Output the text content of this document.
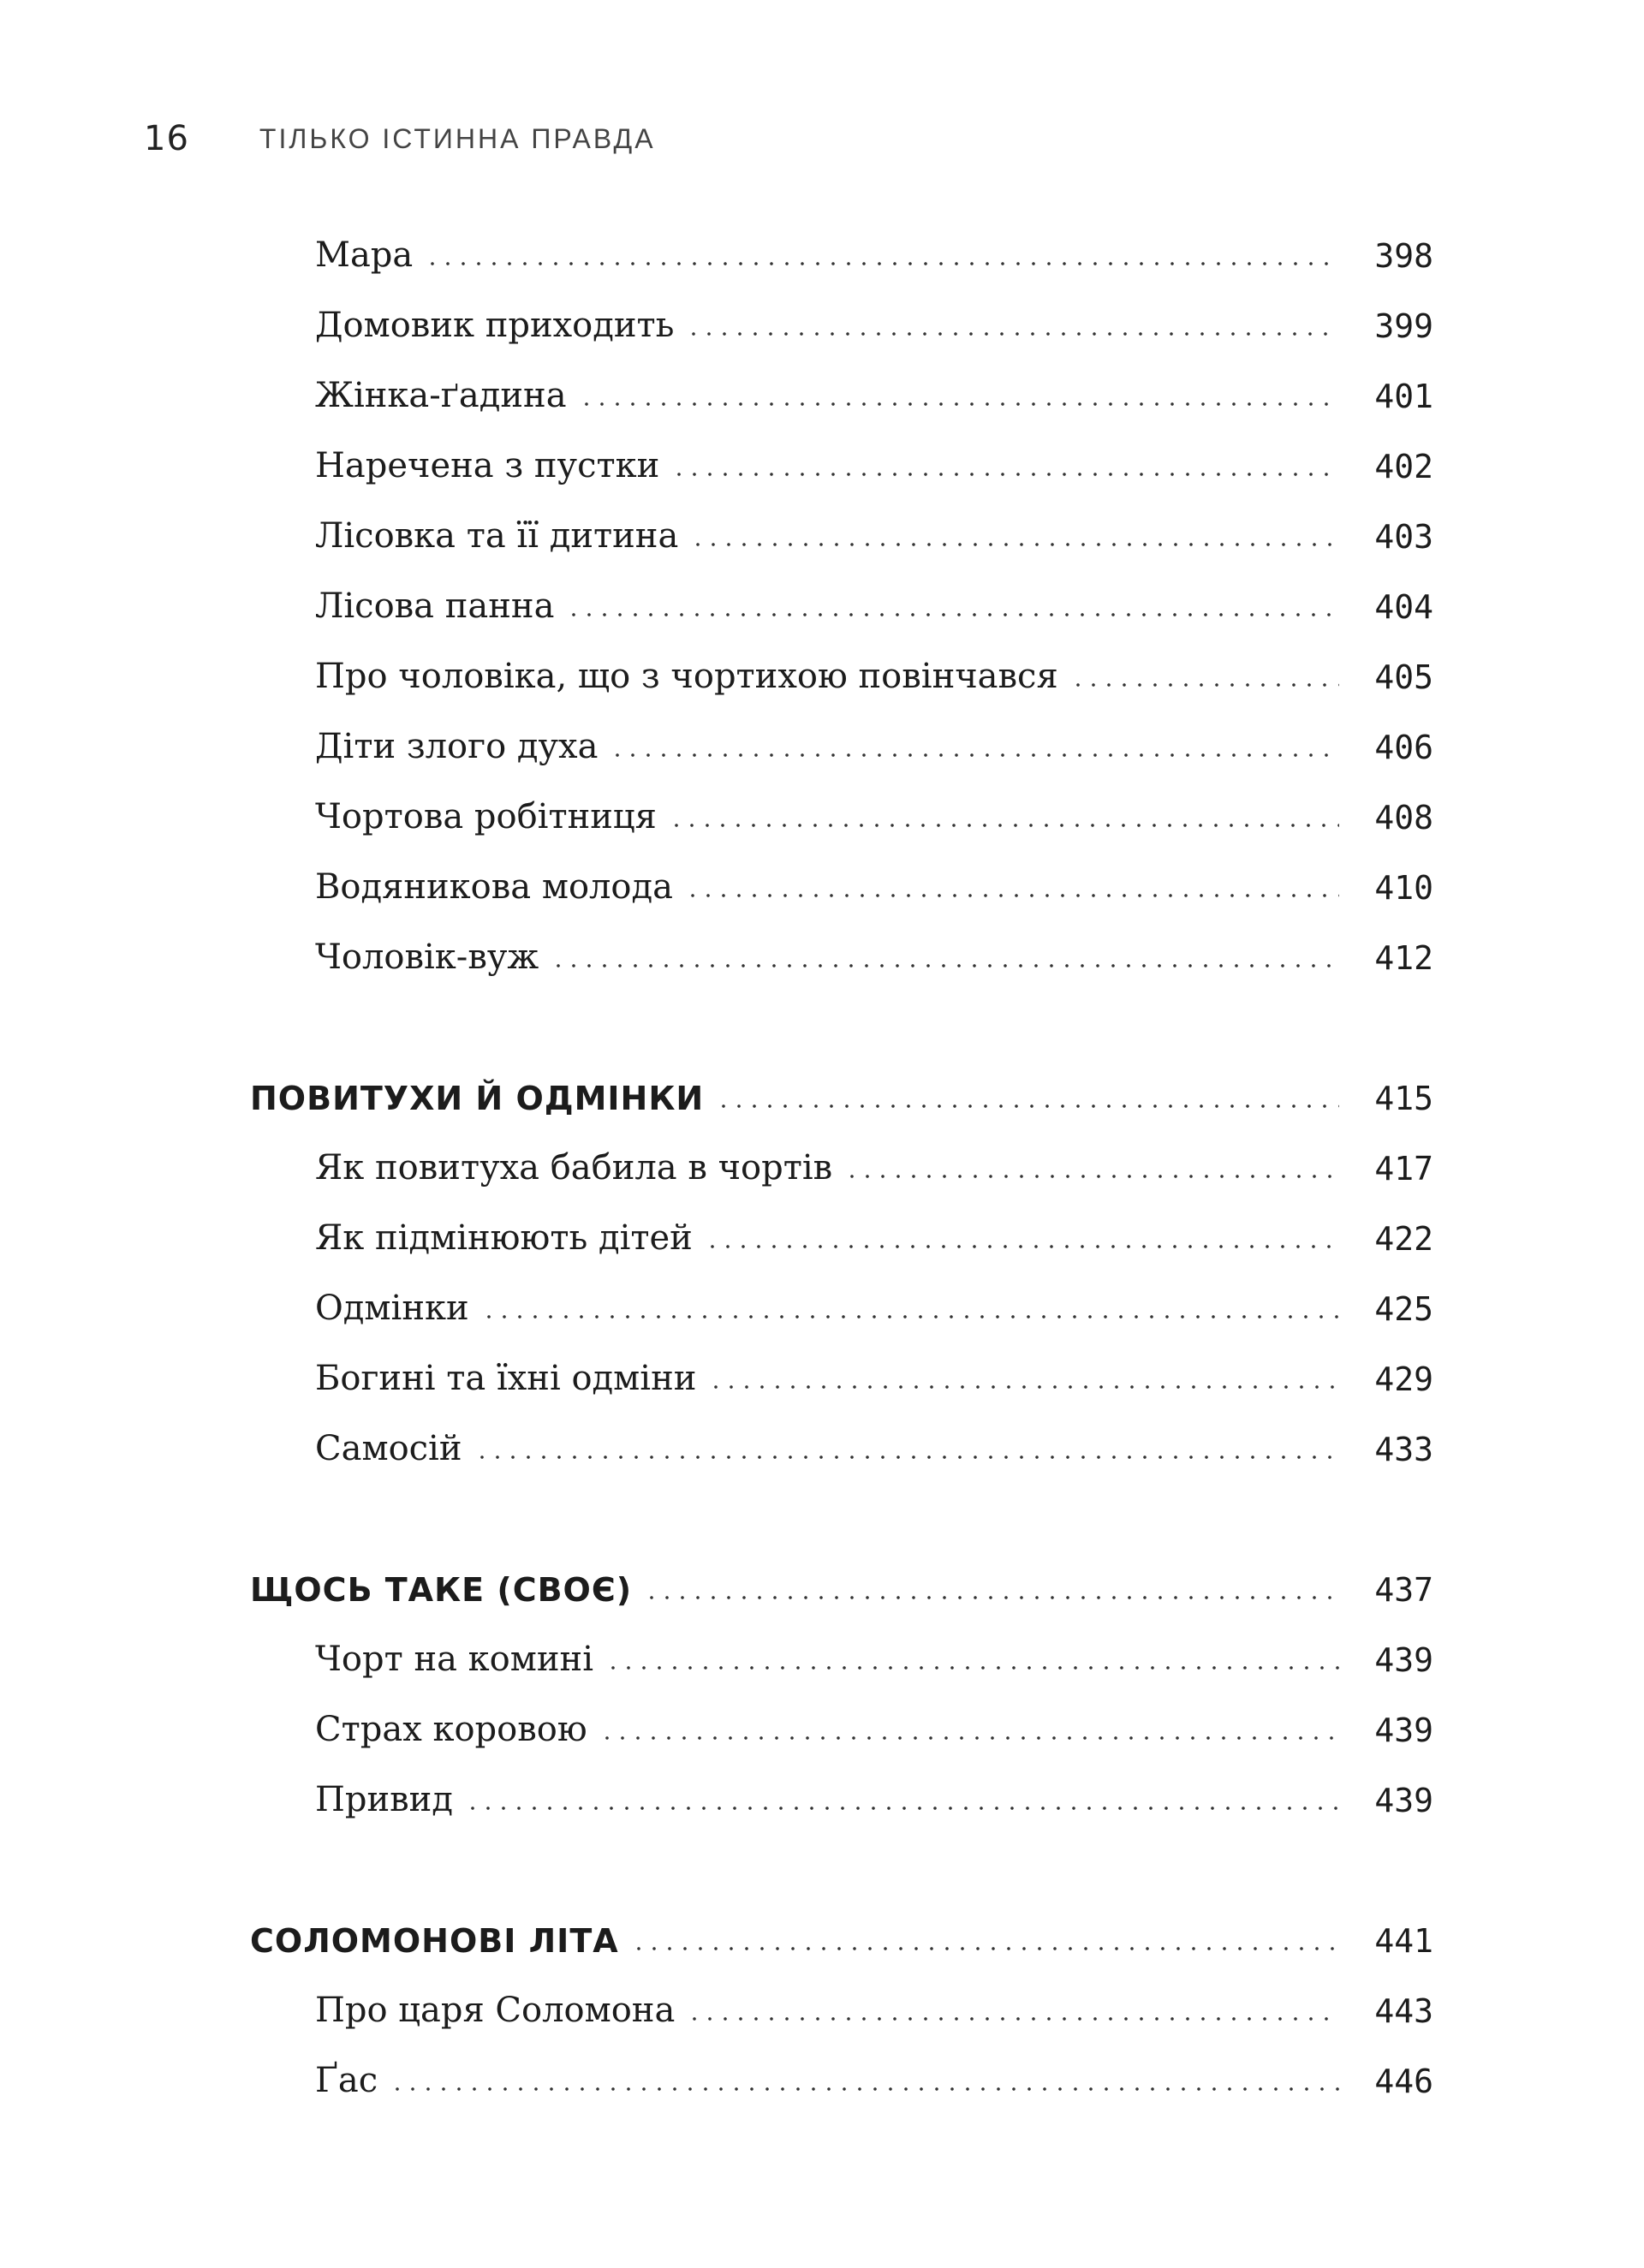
16	ТІЛЬКО ІСТИННА ПРАВДА
Мара	398
Домовик приходить	399
Жінка-ґадина	401
Наречена з пустки	402
Лісовка та її дитина	403
Лісова панна	404
Про чоловіка, що з чортихою повінчався	405
Діти злого духа	406
Чортова робітниця	408
Водяникова молода	410
Чоловік-вуж	412
ПОВИТУХИ Й ОДМІНКИ	415
Як повитуха бабила в чортів	417
Як підмінюють дітей	422
Одмінки	425
Богині та їхні одміни	429
Самосій	433
ЩОСЬ ТАКЕ (СВОЄ)	437
Чорт на комині	439
Страх коровою	439
Привид	439
СОЛОМОНОВІ ЛІТА	441
Про царя Соломона	443
Ґас	446
